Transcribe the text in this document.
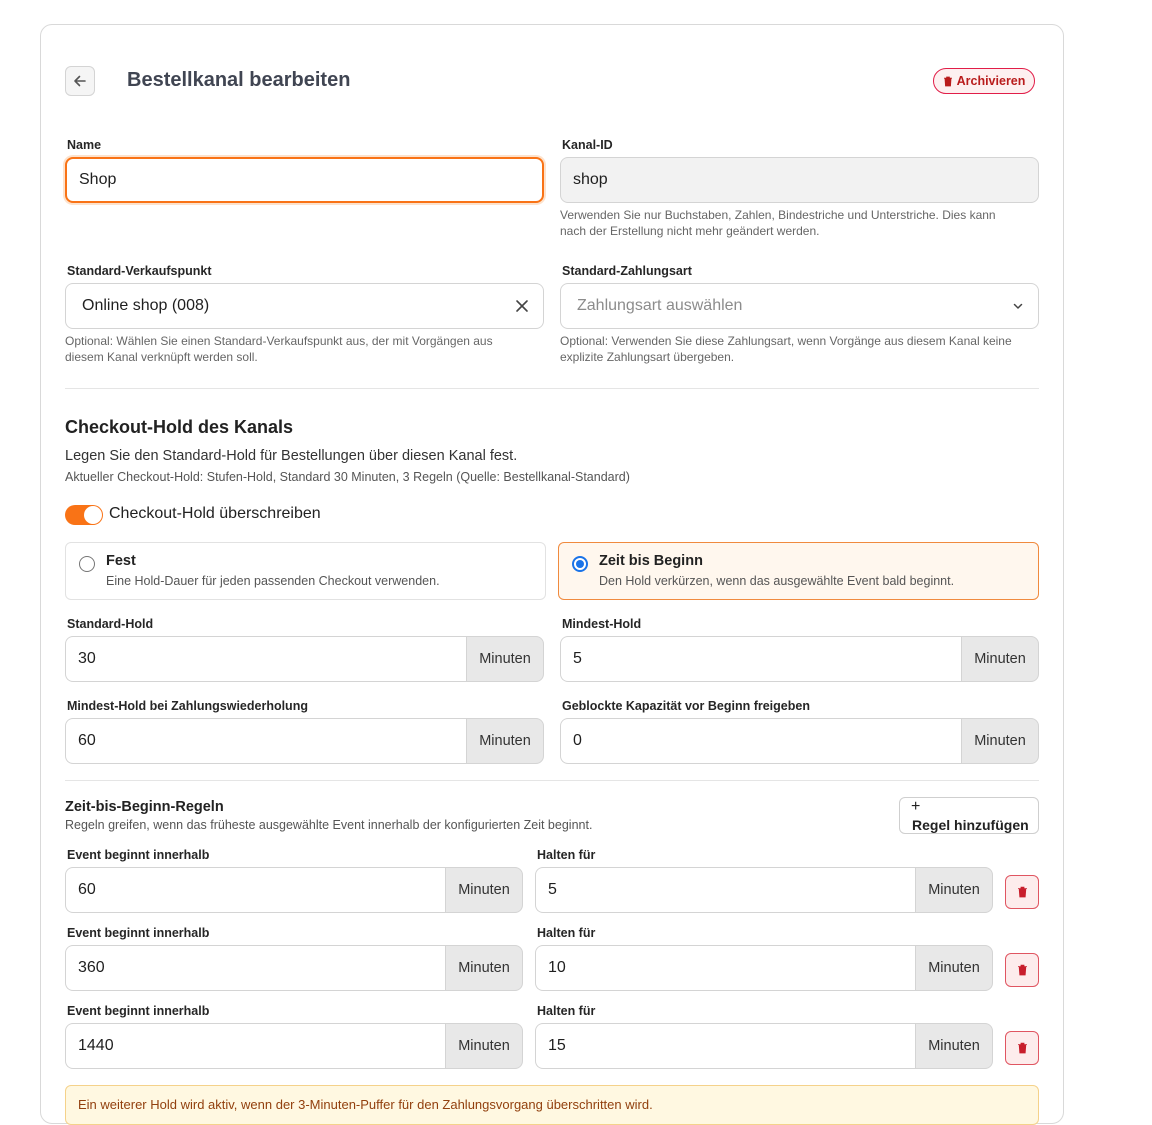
Bestellkanal bearbeiten	Archivieren
Name
Shop
Kanal-ID
shop
Verwenden Sie nur Buchstaben, Zahlen, Bindestriche und Unterstriche. Dies kann
nach der Erstellung nicht mehr geändert werden.
Standard-Verkaufspunkt
Online shop (008)
Optional: Wählen Sie einen Standard-Verkaufspunkt aus, der mit Vorgängen aus
diesem Kanal verknüpft werden soll.
Standard-Zahlungsart
Zahlungsart auswählen
Optional: Verwenden Sie diese Zahlungsart, wenn Vorgänge aus diesem Kanal keine
explizite Zahlungsart übergeben.
Checkout-Hold des Kanals
Legen Sie den Standard-Hold für Bestellungen über diesen Kanal fest.
Aktueller Checkout-Hold: Stufen-Hold, Standard 30 Minuten, 3 Regeln (Quelle: Bestellkanal-Standard)
Checkout-Hold überschreiben
Fest
Eine Hold-Dauer für jeden passenden Checkout verwenden.
Zeit bis Beginn
Den Hold verkürzen, wenn das ausgewählte Event bald beginnt.
Standard-Hold
30	Minuten
Mindest-Hold
5	Minuten
Mindest-Hold bei Zahlungswiederholung
60	Minuten
Geblockte Kapazität vor Beginn freigeben
0	Minuten
Zeit-bis-Beginn-Regeln
Regeln greifen, wenn das früheste ausgewählte Event innerhalb der konfigurierten Zeit beginnt.
+
Regel hinzufügen
Event beginnt innerhalb
60	Minuten
Halten für
5	Minuten
Event beginnt innerhalb
360	Minuten
Halten für
10	Minuten
Event beginnt innerhalb
1440	Minuten
Halten für
15	Minuten
Ein weiterer Hold wird aktiv, wenn der 3-Minuten-Puffer für den Zahlungsvorgang überschritten wird.
